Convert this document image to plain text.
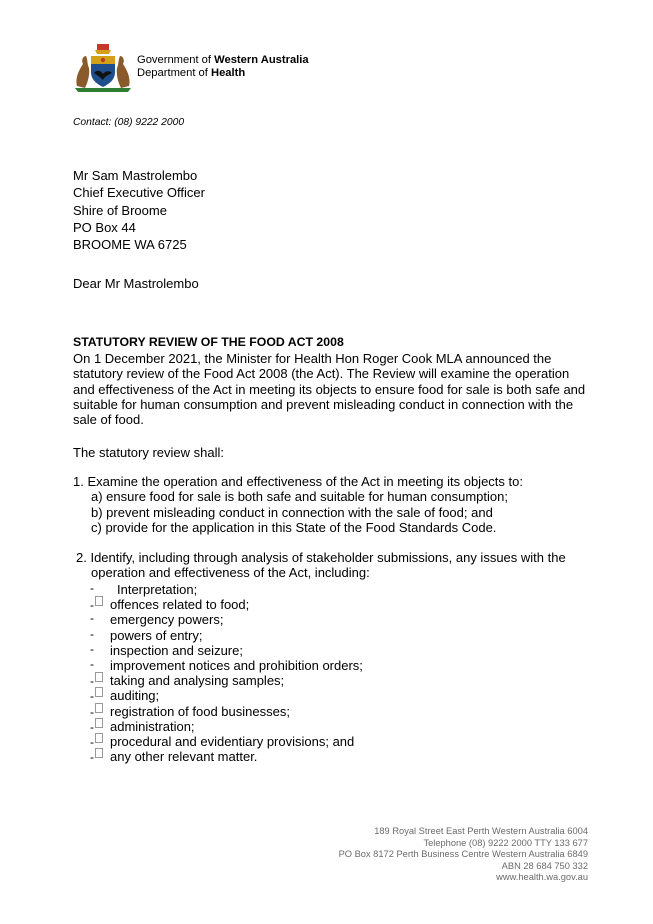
Government of Western Australia
Department of Health
Contact: (08) 9222 2000
Mr Sam Mastrolembo
Chief Executive Officer
Shire of Broome
PO Box 44
BROOME WA 6725
Dear Mr Mastrolembo
STATUTORY REVIEW OF THE FOOD ACT 2008
On 1 December 2021, the Minister for Health Hon Roger Cook MLA announced the statutory review of the Food Act 2008 (the Act). The Review will examine the operation and effectiveness of the Act in meeting its objects to ensure food for sale is both safe and suitable for human consumption and prevent misleading conduct in connection with the sale of food.
The statutory review shall:
1. Examine the operation and effectiveness of the Act in meeting its objects to:
a) ensure food for sale is both safe and suitable for human consumption;
b) prevent misleading conduct in connection with the sale of food; and
c) provide for the application in this State of the Food Standards Code.
2. Identify, including through analysis of stakeholder submissions, any issues with the
operation and effectiveness of the Act, including:
- Interpretation;
-	offences related to food;
- emergency powers;
- powers of entry;
- inspection and seizure;
- improvement notices and prohibition orders;
-	taking and analysing samples;
-	auditing;
-	registration of food businesses;
-	administration;
-	procedural and evidentiary provisions; and
-	any other relevant matter.
189 Royal Street East Perth Western Australia 6004
Telephone (08) 9222 2000 TTY 133 677
PO Box 8172 Perth Business Centre Western Australia 6849
ABN 28 684 750 332
www.health.wa.gov.au
